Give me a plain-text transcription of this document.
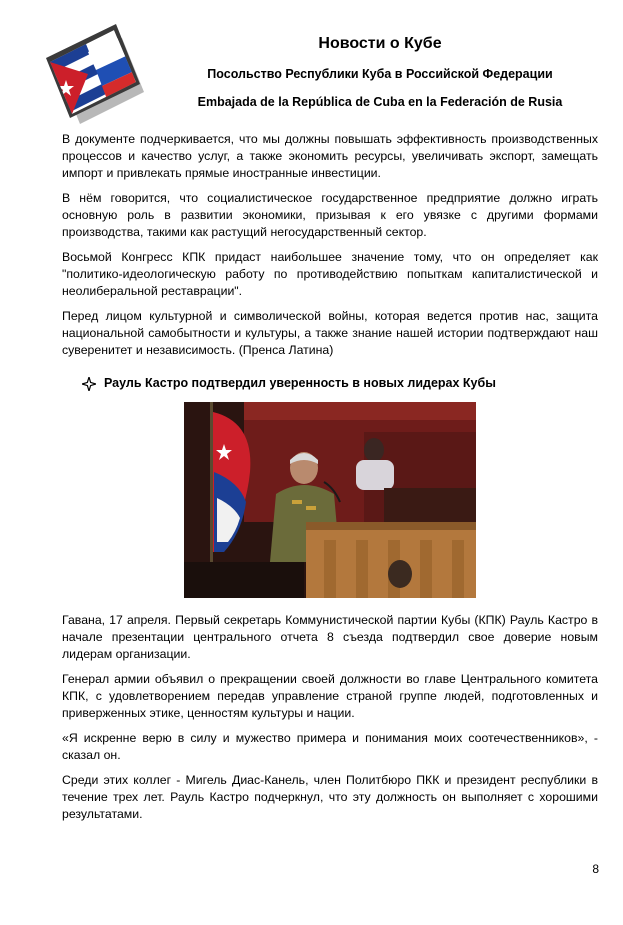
Новости о Кубе

Посольство Республики Куба в Российской Федерации

Embajada de la República de Cuba en la Federación de Rusia

В документе подчеркивается, что мы должны повышать эффективность производственных процессов и качество услуг, а также экономить ресурсы, увеличивать экспорт, замещать импорт и привлекать прямые иностранные инвестиции.

В нём говорится, что социалистическое государственное предприятие должно играть основную роль в развитии экономики, призывая к его увязке с другими формами производства, такими как растущий негосударственный сектор.

Восьмой Конгресс КПК придаст наибольшее значение тому, что он определяет как "политико-идеологическую работу по противодействию попыткам капиталистической и неолиберальной реставрации".

Перед лицом культурной и символической войны, которая ведется против нас, защита национальной самобытности и культуры, а также знание нашей истории подтверждают наш суверенитет и независимость. (Пренса Латина)

Рауль Кастро подтвердил уверенность в новых лидерах Кубы

Гавана, 17 апреля. Первый секретарь Коммунистической партии Кубы (КПК) Рауль Кастро в начале презентации центрального отчета 8 съезда подтвердил свое доверие новым лидерам организации.

Генерал армии объявил о прекращении своей должности во главе Центрального комитета КПК, с удовлетворением передав управление страной группе людей, подготовленных и приверженных этике, ценностям культуры и нации.

«Я искренне верю в силу и мужество примера и понимания моих соотечественников», - сказал он.

Среди этих коллег - Мигель Диас-Канель, член Политбюро ПКК и президент республики в течение трех лет. Рауль Кастро подчеркнул, что эту должность он выполняет с хорошими результатами.

8
